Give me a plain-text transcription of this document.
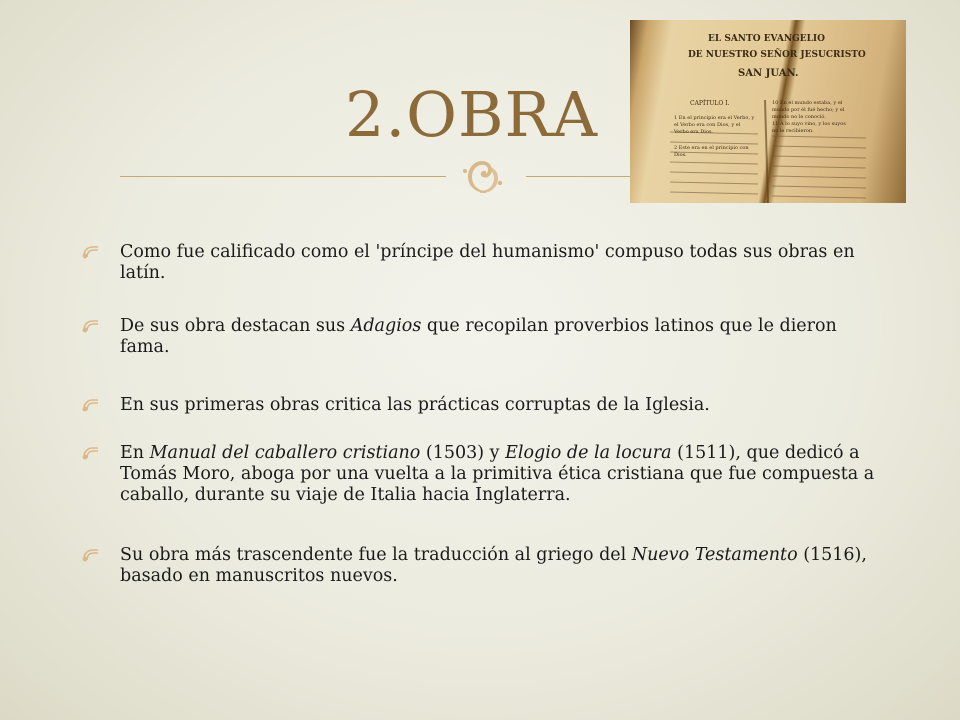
EL SANTO EVANGELIO
DE NUESTRO SEÑOR JESUCRISTO
SAN JUAN.
CAPÍTULO I.
1 En el principio era el Verbo, y
el Verbo era con Dios, y el
Verbo era Dios.
2 Este era en el principio con
Dios.
10 En el mundo estaba, y el
mundo por él fué hecho; y el
mundo no le conoció.
11 A lo suyo vino, y los suyos
no le recibieron.
2.OBRA
Como fue calificado como el 'príncipe del humanismo' compuso todas sus obras en latín.
De sus obra destacan sus Adagios que recopilan proverbios latinos que le dieron fama.
En sus primeras obras critica las prácticas corruptas de la Iglesia.
En Manual del caballero cristiano (1503) y Elogio de la locura (1511), que dedicó a Tomás Moro, aboga por una vuelta a la primitiva ética cristiana que fue compuesta a caballo, durante su viaje de Italia hacia Inglaterra.
Su obra más trascendente fue la traducción al griego del Nuevo Testamento (1516), basado en manuscritos nuevos.
